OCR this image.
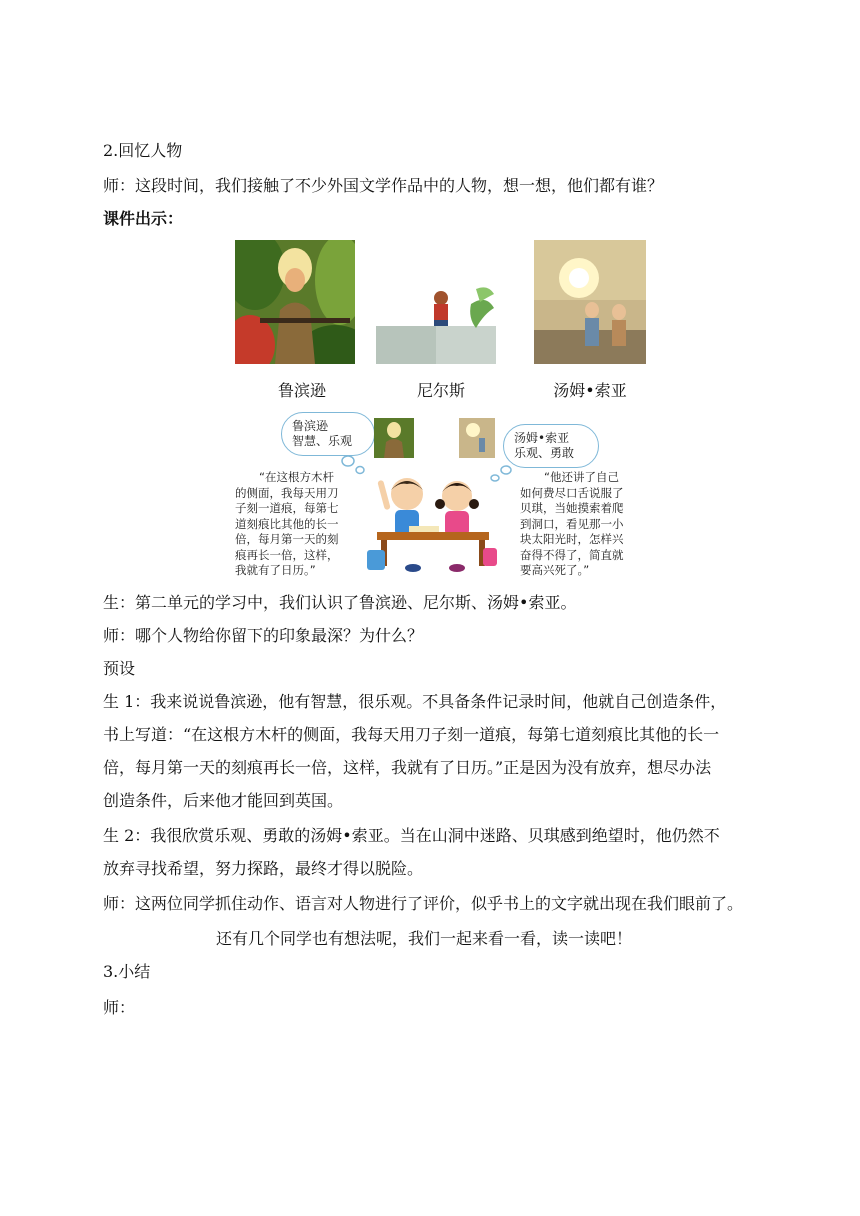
2.回忆人物
师：这段时间，我们接触了不少外国文学作品中的人物，想一想，他们都有谁？
课件出示：
鲁滨逊	尼尔斯	汤姆•索亚
鲁滨逊
智慧、乐观	汤姆•索亚
乐观、勇敢
“在这根方木杆
的侧面，我每天用刀
子刻一道痕，每第七
道刻痕比其他的长一
倍，每月第一天的刻
痕再长一倍，这样，
我就有了日历。”
“他还讲了自己
如何费尽口舌说服了
贝琪，当她摸索着爬
到洞口，看见那一小
块太阳光时，怎样兴
奋得不得了，简直就
要高兴死了。”
生：第二单元的学习中，我们认识了鲁滨逊、尼尔斯、汤姆•索亚。
师：哪个人物给你留下的印象最深？为什么？
预设
生 1：我来说说鲁滨逊，他有智慧，很乐观。不具备条件记录时间，他就自己创造条件，
书上写道：“在这根方木杆的侧面，我每天用刀子刻一道痕，每第七道刻痕比其他的长一
倍，每月第一天的刻痕再长一倍，这样，我就有了日历。”正是因为没有放弃，想尽办法
创造条件，后来他才能回到英国。
生 2：我很欣赏乐观、勇敢的汤姆•索亚。当在山洞中迷路、贝琪感到绝望时，他仍然不
放弃寻找希望，努力探路，最终才得以脱险。
师：这两位同学抓住动作、语言对人物进行了评价，似乎书上的文字就出现在我们眼前了。
还有几个同学也有想法呢，我们一起来看一看，读一读吧！
3.小结
师：
